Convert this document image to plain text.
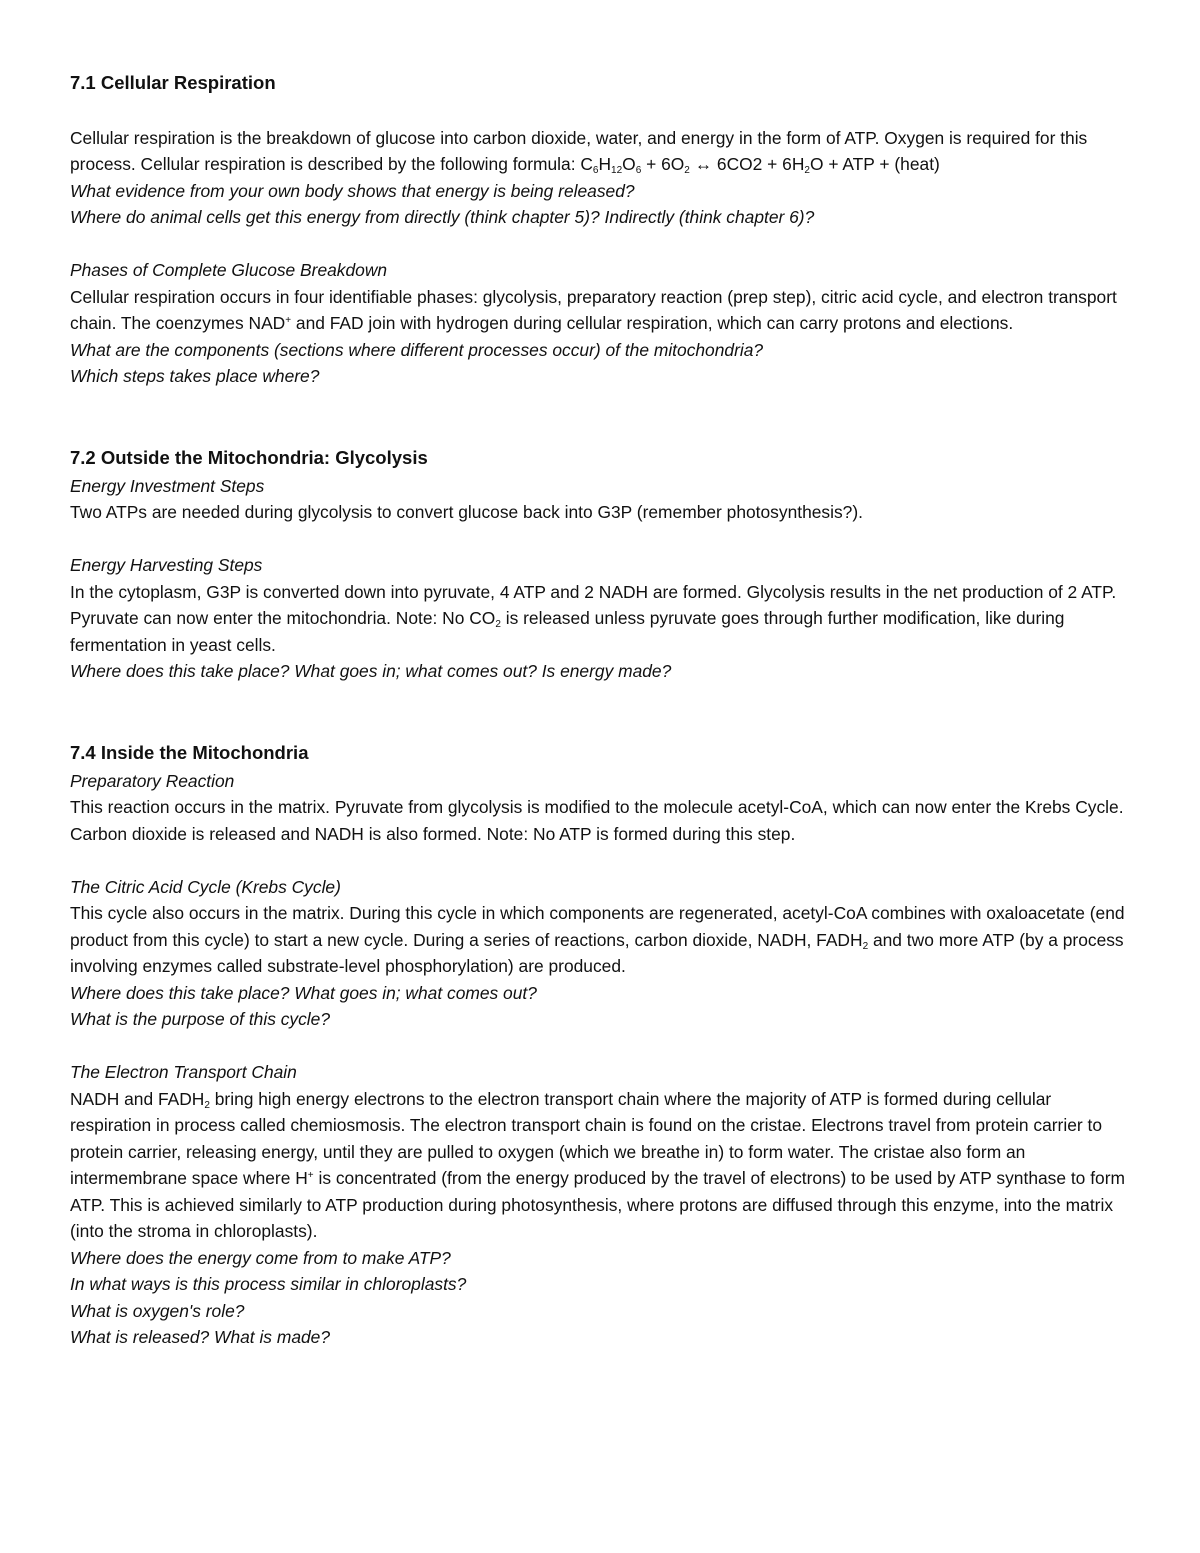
7.1 Cellular Respiration

Cellular respiration is the breakdown of glucose into carbon dioxide, water, and energy in the form of ATP. Oxygen is required for this process. Cellular respiration is described by the following formula: $C_6H_{12}O_6 + 6O_2$ ↔ $6CO2 + 6H_2O$ + ATP + (heat)

What evidence from your own body shows that energy is being released?

Where do animal cells get this energy from directly (think chapter 5)? Indirectly (think chapter 6)?

Phases of Complete Glucose Breakdown

Cellular respiration occurs in four identifiable phases: glycolysis, preparatory reaction (prep step), citric acid cycle, and electron transport chain. The coenzymes NAD+ and FAD join with hydrogen during cellular respiration, which can carry protons and elections.

What are the components (sections where different processes occur) of the mitochondria?

Which steps takes place where?

7.2 Outside the Mitochondria: Glycolysis

Energy Investment Steps

Two ATPs are needed during glycolysis to convert glucose back into G3P (remember photosynthesis?).

Energy Harvesting Steps

In the cytoplasm, G3P is converted down into pyruvate, 4 ATP and 2 NADH are formed. Glycolysis results in the net production of 2 ATP. Pyruvate can now enter the mitochondria. Note: No $CO_2$ is released unless pyruvate goes through further modification, like during fermentation in yeast cells.

Where does this take place? What goes in; what comes out? Is energy made?

7.4 Inside the Mitochondria

Preparatory Reaction

This reaction occurs in the matrix. Pyruvate from glycolysis is modified to the molecule acetyl-CoA, which can now enter the Krebs Cycle. Carbon dioxide is released and NADH is also formed. Note: No ATP is formed during this step.

The Citric Acid Cycle (Krebs Cycle)

This cycle also occurs in the matrix. During this cycle in which components are regenerated, acetyl-CoA combines with oxaloacetate (end product from this cycle) to start a new cycle. During a series of reactions, carbon dioxide, NADH, $FADH_2$ and two more ATP (by a process involving enzymes called substrate-level phosphorylation) are produced.

Where does this take place? What goes in; what comes out?

What is the purpose of this cycle?

The Electron Transport Chain

NADH and $FADH_2$ bring high energy electrons to the electron transport chain where the majority of ATP is formed during cellular respiration in process called chemiosmosis. The electron transport chain is found on the cristae. Electrons travel from protein carrier to protein carrier, releasing energy, until they are pulled to oxygen (which we breathe in) to form water. The cristae also form an intermembrane space where H+ is concentrated (from the energy produced by the travel of electrons) to be used by ATP synthase to form ATP. This is achieved similarly to ATP production during photosynthesis, where protons are diffused through this enzyme, into the matrix (into the stroma in chloroplasts).

Where does the energy come from to make ATP?

In what ways is this process similar in chloroplasts?

What is oxygen's role?

What is released? What is made?
